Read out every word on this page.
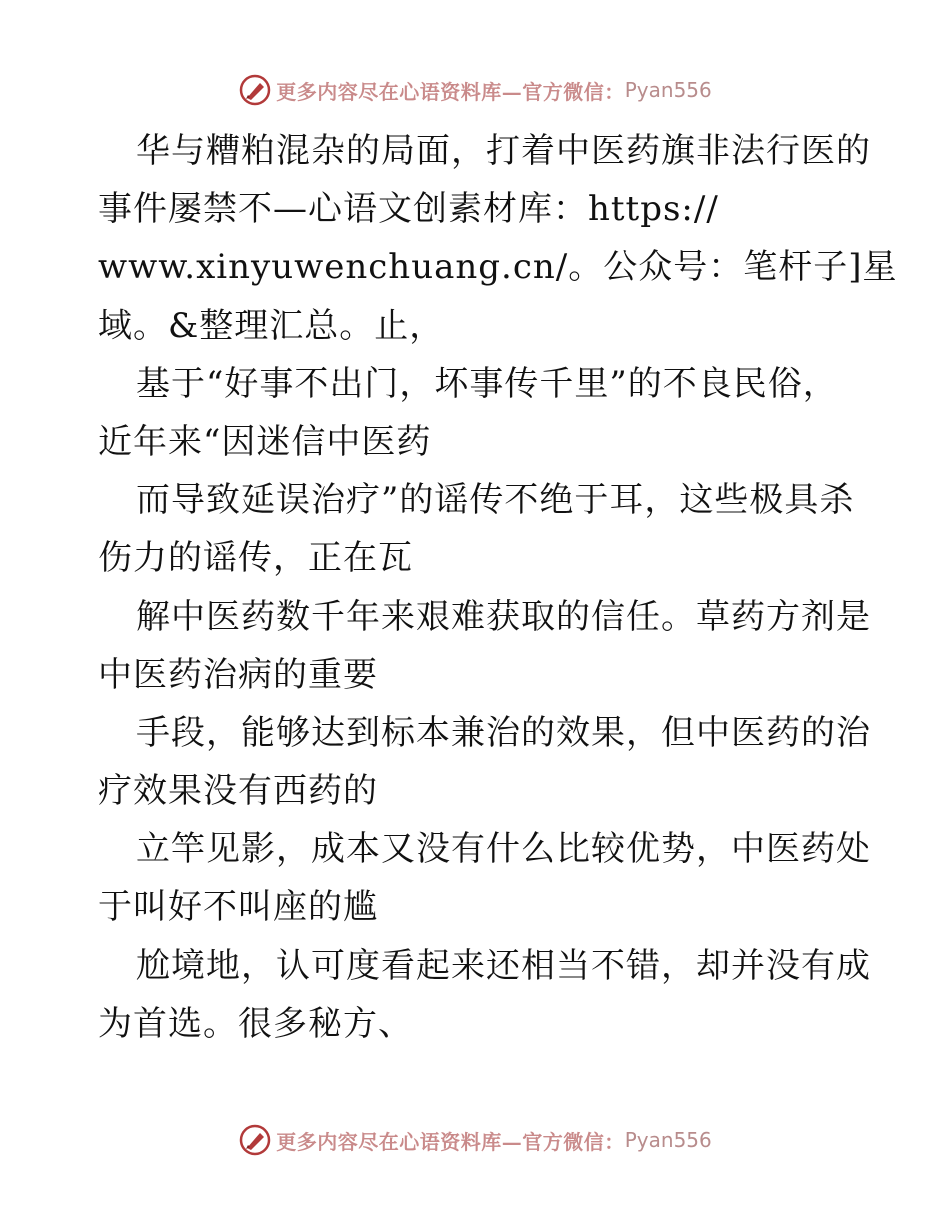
更多内容尽在心语资料库—官方微信： Pyan556
华与糟粕混杂的局面，打着中医药旗非法行医的
事件屡禁不—心语文创素材库：https://
www.xinyuwenchuang.cn/。公众号：笔杆子]星
域。&整理汇总。止，
基于“好事不出门，坏事传千里”的不良民俗，
近年来“因迷信中医药
而导致延误治疗”的谣传不绝于耳，这些极具杀
伤力的谣传，正在瓦
解中医药数千年来艰难获取的信任。草药方剂是
中医药治病的重要
手段，能够达到标本兼治的效果，但中医药的治
疗效果没有西药的
立竿见影，成本又没有什么比较优势，中医药处
于叫好不叫座的尴
尬境地，认可度看起来还相当不错，却并没有成
为首选。很多秘方、
更多内容尽在心语资料库—官方微信： Pyan556
